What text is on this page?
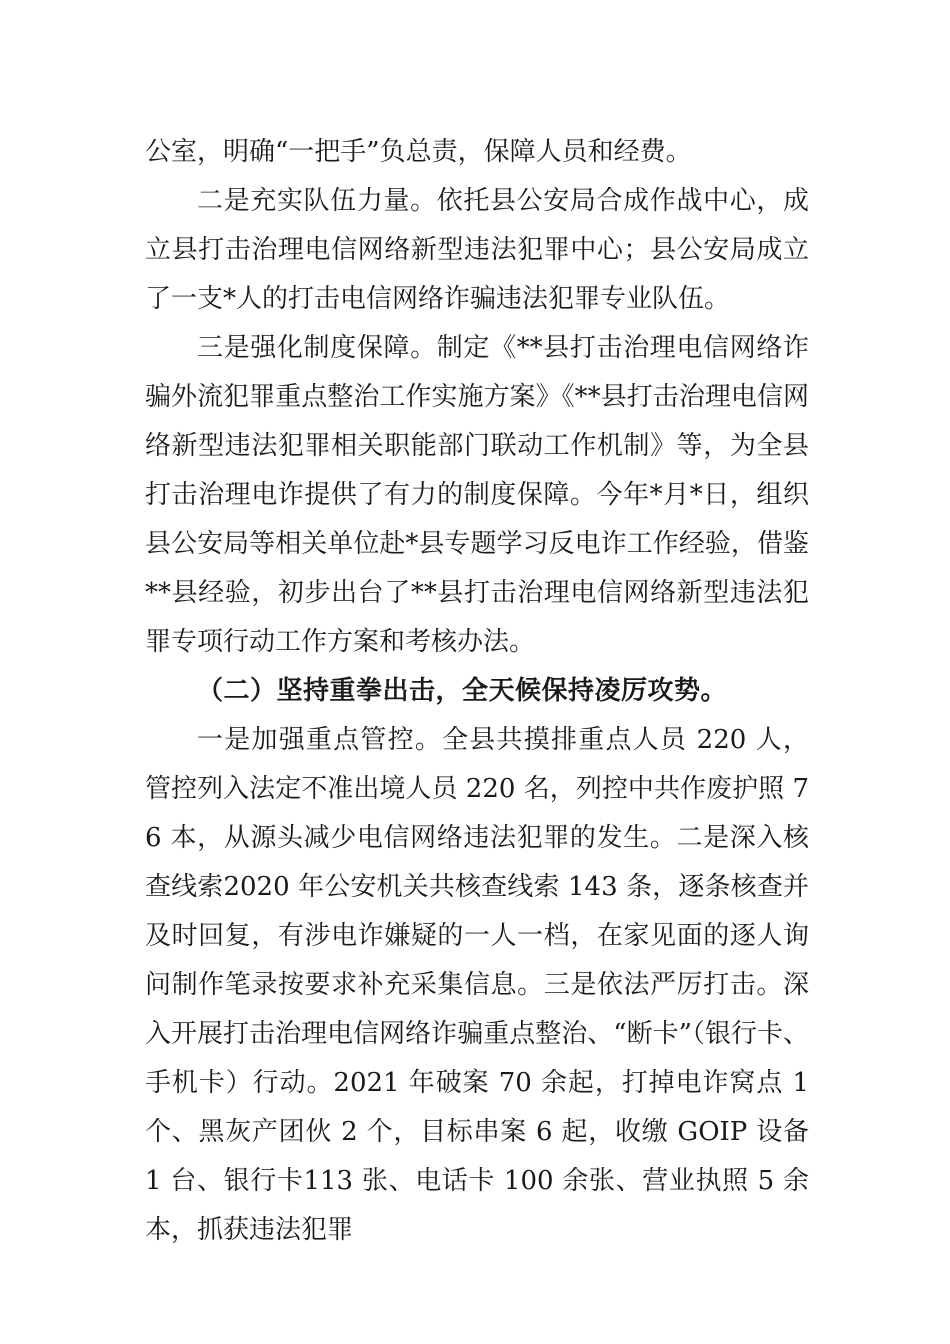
公室，明确“一把手”负总责，保障人员和经费。

二是充实队伍力量。依托县公安局合成作战中心，成立县打击治理电信网络新型违法犯罪中心；县公安局成立了一支*人的打击电信网络诈骗违法犯罪专业队伍。

三是强化制度保障。制定《**县打击治理电信网络诈骗外流犯罪重点整治工作实施方案》《**县打击治理电信网络新型违法犯罪相关职能部门联动工作机制》等，为全县打击治理电诈提供了有力的制度保障。今年*月*日，组织县公安局等相关单位赴*县专题学习反电诈工作经验，借鉴**县经验，初步出台了**县打击治理电信网络新型违法犯罪专项行动工作方案和考核办法。

（二）坚持重拳出击，全天候保持凌厉攻势。

一是加强重点管控。全县共摸排重点人员 220 人，管控列入法定不准出境人员 220 名，列控中共作废护照 76 本，从源头减少电信网络违法犯罪的发生。二是深入核查线索2020 年公安机关共核查线索 143 条，逐条核查并及时回复，有涉电诈嫌疑的一人一档，在家见面的逐人询问制作笔录按要求补充采集信息。三是依法严厉打击。深入开展打击治理电信网络诈骗重点整治、“断卡”（银行卡、手机卡）行动。2021 年破案 70 余起，打掉电诈窝点 1 个、黑灰产团伙 2 个，目标串案 6 起，收缴 GOIP 设备 1 台、银行卡113 张、电话卡 100 余张、营业执照 5 余本，抓获违法犯罪
